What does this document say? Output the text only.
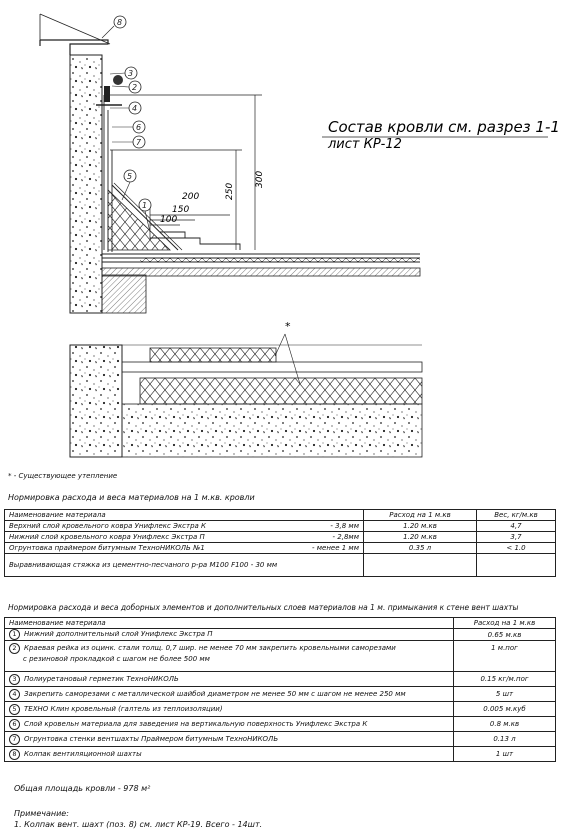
300
250
200
150
100
Состав кровли см. разрез 1-1
лист КР-12
8
3
2
4
6
7
5
1
*
* - Существующее утепление
Нормировка расхода и веса материалов на 1 м.кв. кровли
Наименование материала	Расход на 1 м.кв	Вес, кг/м.кв
Верхний слой кровельного ковра Унифлекс Экстра К - 3,8 мм	1.20 м.кв	4,7
Нижний слой кровельного ковра Унифлекс Экстра П - 2,8мм	1.20 м.кв	3,7
Огрунтовка праймером битумным ТехноНИКОЛЬ №1 - менее 1 мм	0.35 л	< 1.0
Выравнивающая стяжка из цементно-песчаного р-ра М100 F100 - 30 мм		
Нормировка расхода и веса доборных элементов и дополнительных слоев материалов на 1 м. примыкания к стене вент шахты
Наименование материала	Расход на 1 м.кв
1 Нижний дополнительный слой Унифлекс Экстра П	0.65 м.кв
2 Краевая рейка из оцинк. стали толщ. 0,7 шир. не менее 70 мм закрепить кровельными саморезами
с резиновой прокладкой с шагом не более 500 мм	1 м.пог
3 Полиуретановый герметик ТехноНИКОЛЬ	0.15 кг/м.пог
4 Закрепить саморезами с металлической шайбой диаметром не менее 50 мм с шагом не менее 250 мм	5 шт
5 ТЕХНО Клин кровельный (галтель из теплоизоляции)	0.005 м.куб
6 Слой кровельн материала для заведения на вертикальную поверхность Унифлекс Экстра К	0.8 м.кв
7 Огрунтовка стенки вентшахты Праймером битумным ТехноНИКОЛЬ	0.13 л
8 Колпак вентиляционной шахты	1 шт
Общая площадь кровли - 978 м²
Примечание:
1. Колпак вент. шахт (поз. 8) см. лист КР-19. Всего - 14шт.
